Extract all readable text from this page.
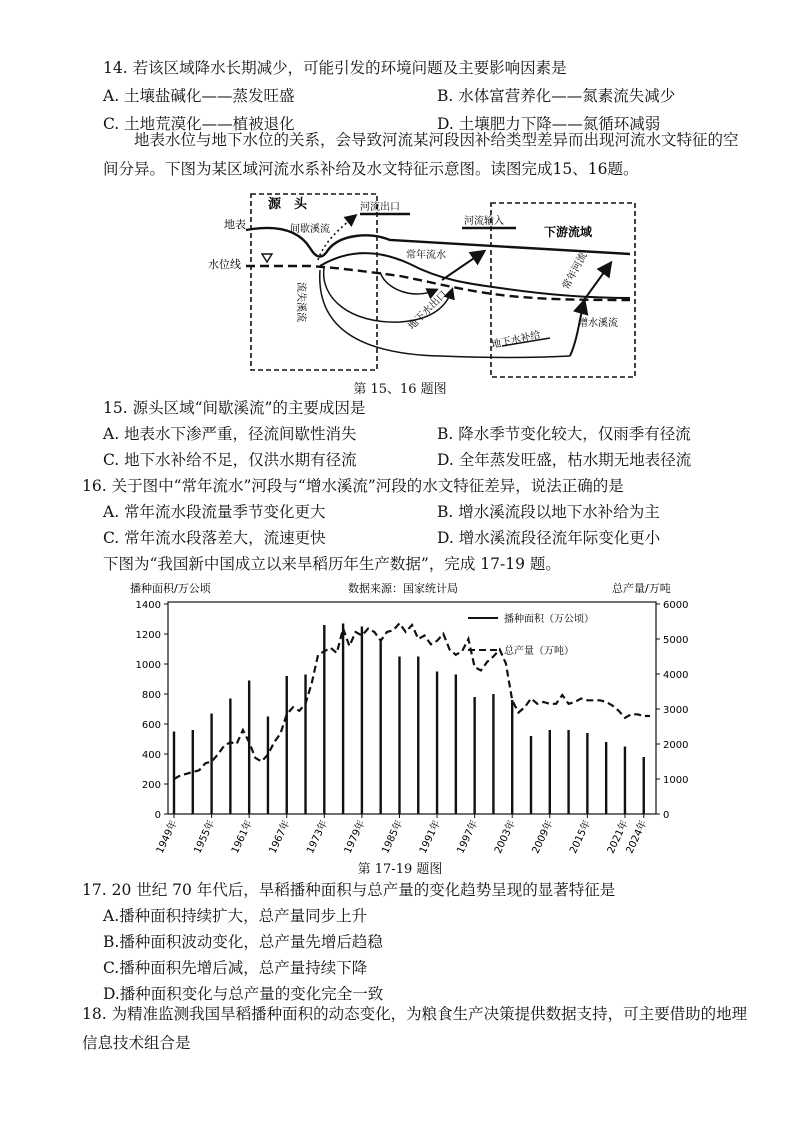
14. 若该区域降水长期减少，可能引发的环境问题及主要影响因素是
A. 土壤盐碱化——蒸发旺盛	B. 水体富营养化——氮素流失减少
C. 土地荒漠化——植被退化	D. 土壤肥力下降——氮循环减弱
地表水位与地下水位的关系，会导致河流某河段因补给类型差异而出现河流水文特征的空间分异。下图为某区域河流水系补给及水文特征示意图。读图完成15、16题。
源　头
地表
水位线
间歇溪流
河流出口
河流输入
下游流域
常年流水	常年河流
流失溪流	地下水出口
地下水补给
增水溪流
第 15、16 题图
15. 源头区域“间歇溪流”的主要成因是
A. 地表水下渗严重，径流间歇性消失	B. 降水季节变化较大，仅雨季有径流
C. 地下水补给不足，仅洪水期有径流	D. 全年蒸发旺盛，枯水期无地表径流
16. 关于图中“常年流水”河段与“增水溪流”河段的水文特征差异，说法正确的是
A. 常年流水段流量季节变化更大	B. 增水溪流段以地下水补给为主
C. 常年流水段落差大，流速更快	D. 增水溪流段径流年际变化更小
下图为“我国新中国成立以来旱稻历年生产数据”，完成 17-19 题。
播种面积/万公顷	数据来源：国家统计局	总产量/万吨
播种面积（万公顷）
总产量（万吨）
0
200
400
600
800
1000
1200
1400
0
1000
2000
3000
4000
5000
6000
1949年 1955年 1961年 1967年 1973年 1979年 1985年 1991年 1997年 2003年 2009年 2015年 2021年
2024年
第 17-19 题图
17. 20 世纪 70 年代后，旱稻播种面积与总产量的变化趋势呈现的显著特征是
A.播种面积持续扩大，总产量同步上升
B.播种面积波动变化，总产量先增后趋稳
C.播种面积先增后减，总产量持续下降
D.播种面积变化与总产量的变化完全一致
18. 为精准监测我国旱稻播种面积的动态变化，为粮食生产决策提供数据支持，可主要借助的地理信息技术组合是
